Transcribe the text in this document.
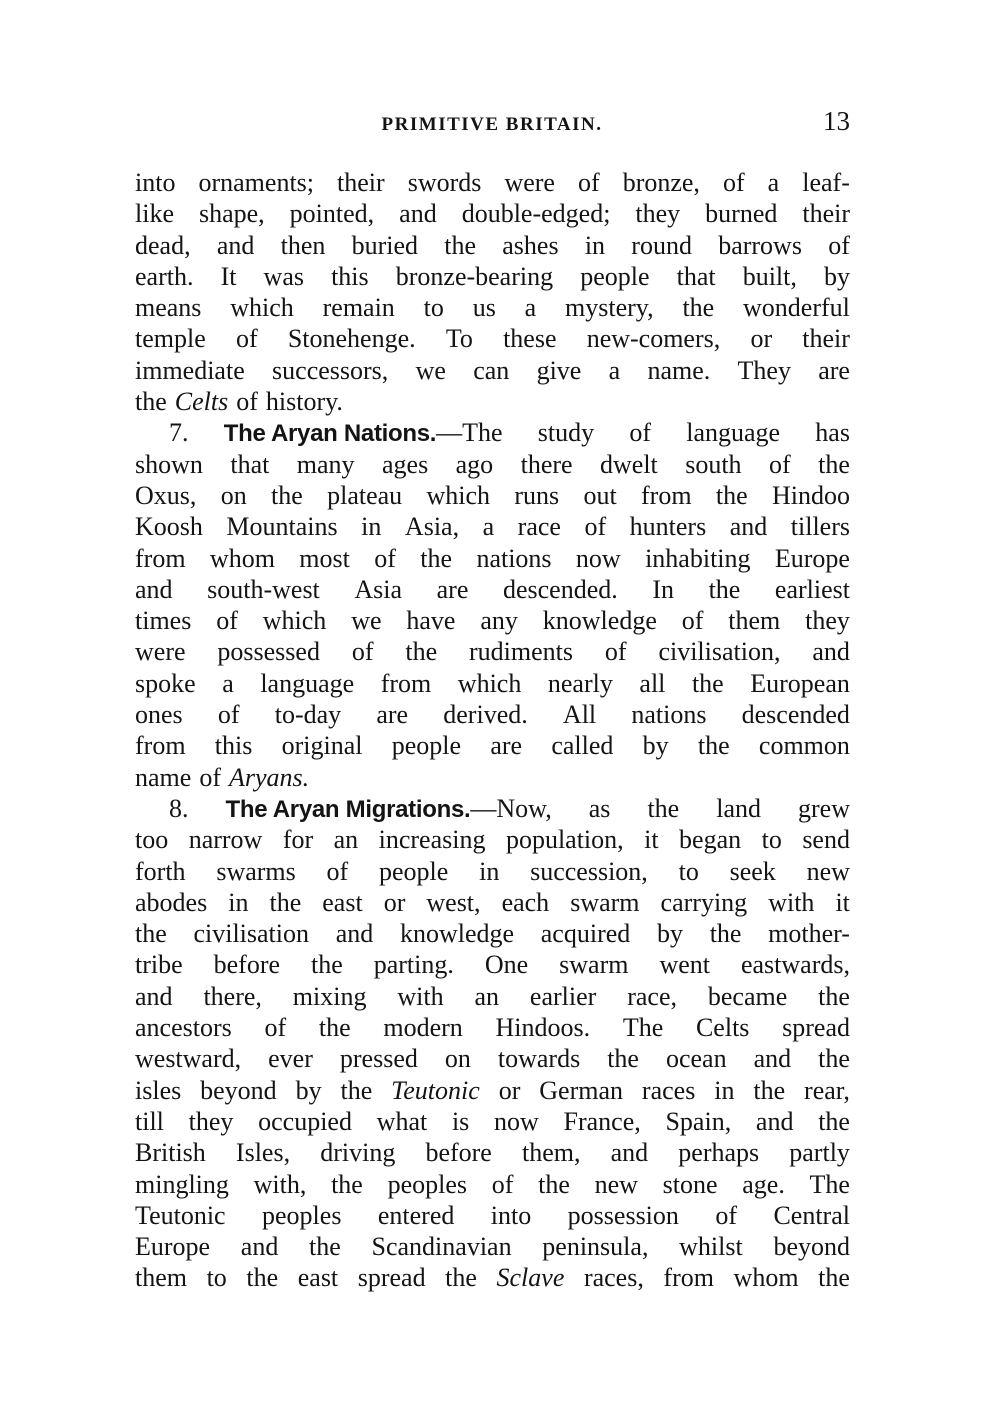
PRIMITIVE BRITAIN.	13
into ornaments; their swords were of bronze, of a leaf-
like shape, pointed, and double-edged; they burned their
dead, and then buried the ashes in round barrows of
earth. It was this bronze-bearing people that built, by
means which remain to us a mystery, the wonderful
temple of Stonehenge. To these new-comers, or their
immediate successors, we can give a name. They are
the Celts of history.
7. The Aryan Nations.—The study of language has
shown that many ages ago there dwelt south of the
Oxus, on the plateau which runs out from the Hindoo
Koosh Mountains in Asia, a race of hunters and tillers
from whom most of the nations now inhabiting Europe
and south-west Asia are descended. In the earliest
times of which we have any knowledge of them they
were possessed of the rudiments of civilisation, and
spoke a language from which nearly all the European
ones of to-day are derived. All nations descended
from this original people are called by the common
name of Aryans.
8. The Aryan Migrations.—Now, as the land grew
too narrow for an increasing population, it began to send
forth swarms of people in succession, to seek new
abodes in the east or west, each swarm carrying with it
the civilisation and knowledge acquired by the mother-
tribe before the parting. One swarm went eastwards,
and there, mixing with an earlier race, became the
ancestors of the modern Hindoos. The Celts spread
westward, ever pressed on towards the ocean and the
isles beyond by the Teutonic or German races in the rear,
till they occupied what is now France, Spain, and the
British Isles, driving before them, and perhaps partly
mingling with, the peoples of the new stone age. The
Teutonic peoples entered into possession of Central
Europe and the Scandinavian peninsula, whilst beyond
them to the east spread the Sclave races, from whom the
